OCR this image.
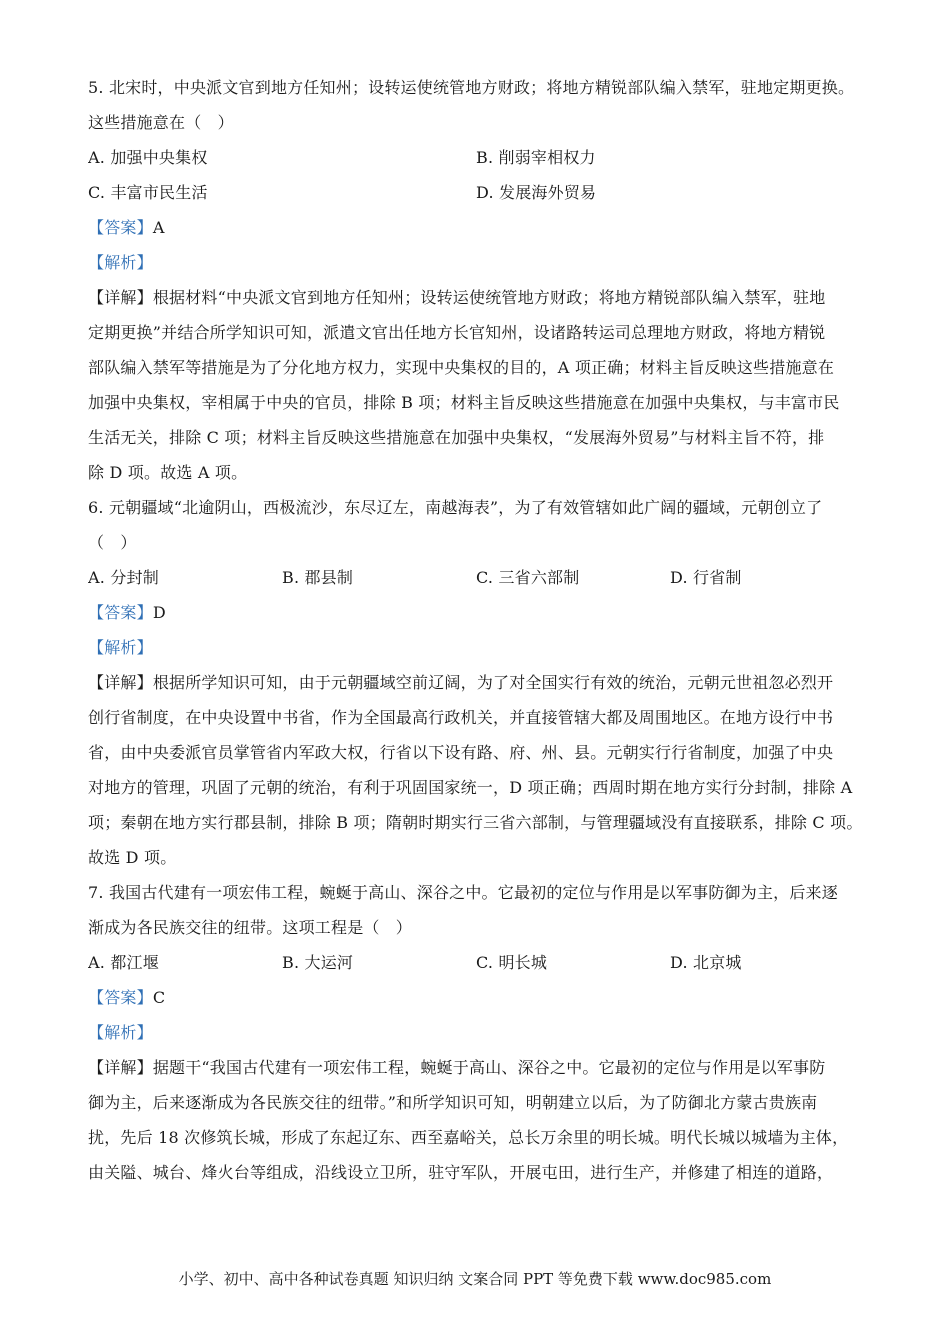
5. 北宋时，中央派文官到地方任知州；设转运使统管地方财政；将地方精锐部队编入禁军，驻地定期更换。
这些措施意在（　）
A. 加强中央集权	B. 削弱宰相权力
C. 丰富市民生活	D. 发展海外贸易
【答案】A
【解析】
【详解】根据材料“中央派文官到地方任知州；设转运使统管地方财政；将地方精锐部队编入禁军，驻地
定期更换”并结合所学知识可知，派遣文官出任地方长官知州，设诸路转运司总理地方财政，将地方精锐
部队编入禁军等措施是为了分化地方权力，实现中央集权的目的，A 项正确；材料主旨反映这些措施意在
加强中央集权，宰相属于中央的官员，排除 B 项；材料主旨反映这些措施意在加强中央集权，与丰富市民
生活无关，排除 C 项；材料主旨反映这些措施意在加强中央集权，“发展海外贸易”与材料主旨不符，排
除 D 项。故选 A 项。
6. 元朝疆域“北逾阴山，西极流沙，东尽辽左，南越海表”，为了有效管辖如此广阔的疆域，元朝创立了
（　）
A. 分封制	B. 郡县制	C. 三省六部制	D. 行省制
【答案】D
【解析】
【详解】根据所学知识可知，由于元朝疆域空前辽阔，为了对全国实行有效的统治，元朝元世祖忽必烈开
创行省制度，在中央设置中书省，作为全国最高行政机关，并直接管辖大都及周围地区。在地方设行中书
省，由中央委派官员掌管省内军政大权，行省以下设有路、府、州、县。元朝实行行省制度，加强了中央
对地方的管理，巩固了元朝的统治，有利于巩固国家统一，D 项正确；西周时期在地方实行分封制，排除 A
项；秦朝在地方实行郡县制，排除 B 项；隋朝时期实行三省六部制，与管理疆域没有直接联系，排除 C 项。
故选 D 项。
7. 我国古代建有一项宏伟工程，蜿蜒于高山、深谷之中。它最初的定位与作用是以军事防御为主，后来逐
渐成为各民族交往的纽带。这项工程是（　）
A. 都江堰	B. 大运河	C. 明长城	D. 北京城
【答案】C
【解析】
【详解】据题干“我国古代建有一项宏伟工程，蜿蜒于高山、深谷之中。它最初的定位与作用是以军事防
御为主，后来逐渐成为各民族交往的纽带。”和所学知识可知，明朝建立以后，为了防御北方蒙古贵族南
扰，先后 18 次修筑长城，形成了东起辽东、西至嘉峪关，总长万余里的明长城。明代长城以城墙为主体，
由关隘、城台、烽火台等组成，沿线设立卫所，驻守军队，开展屯田，进行生产，并修建了相连的道路，
小学、初中、高中各种试卷真题 知识归纳 文案合同 PPT 等免费下载 www.doc985.com
